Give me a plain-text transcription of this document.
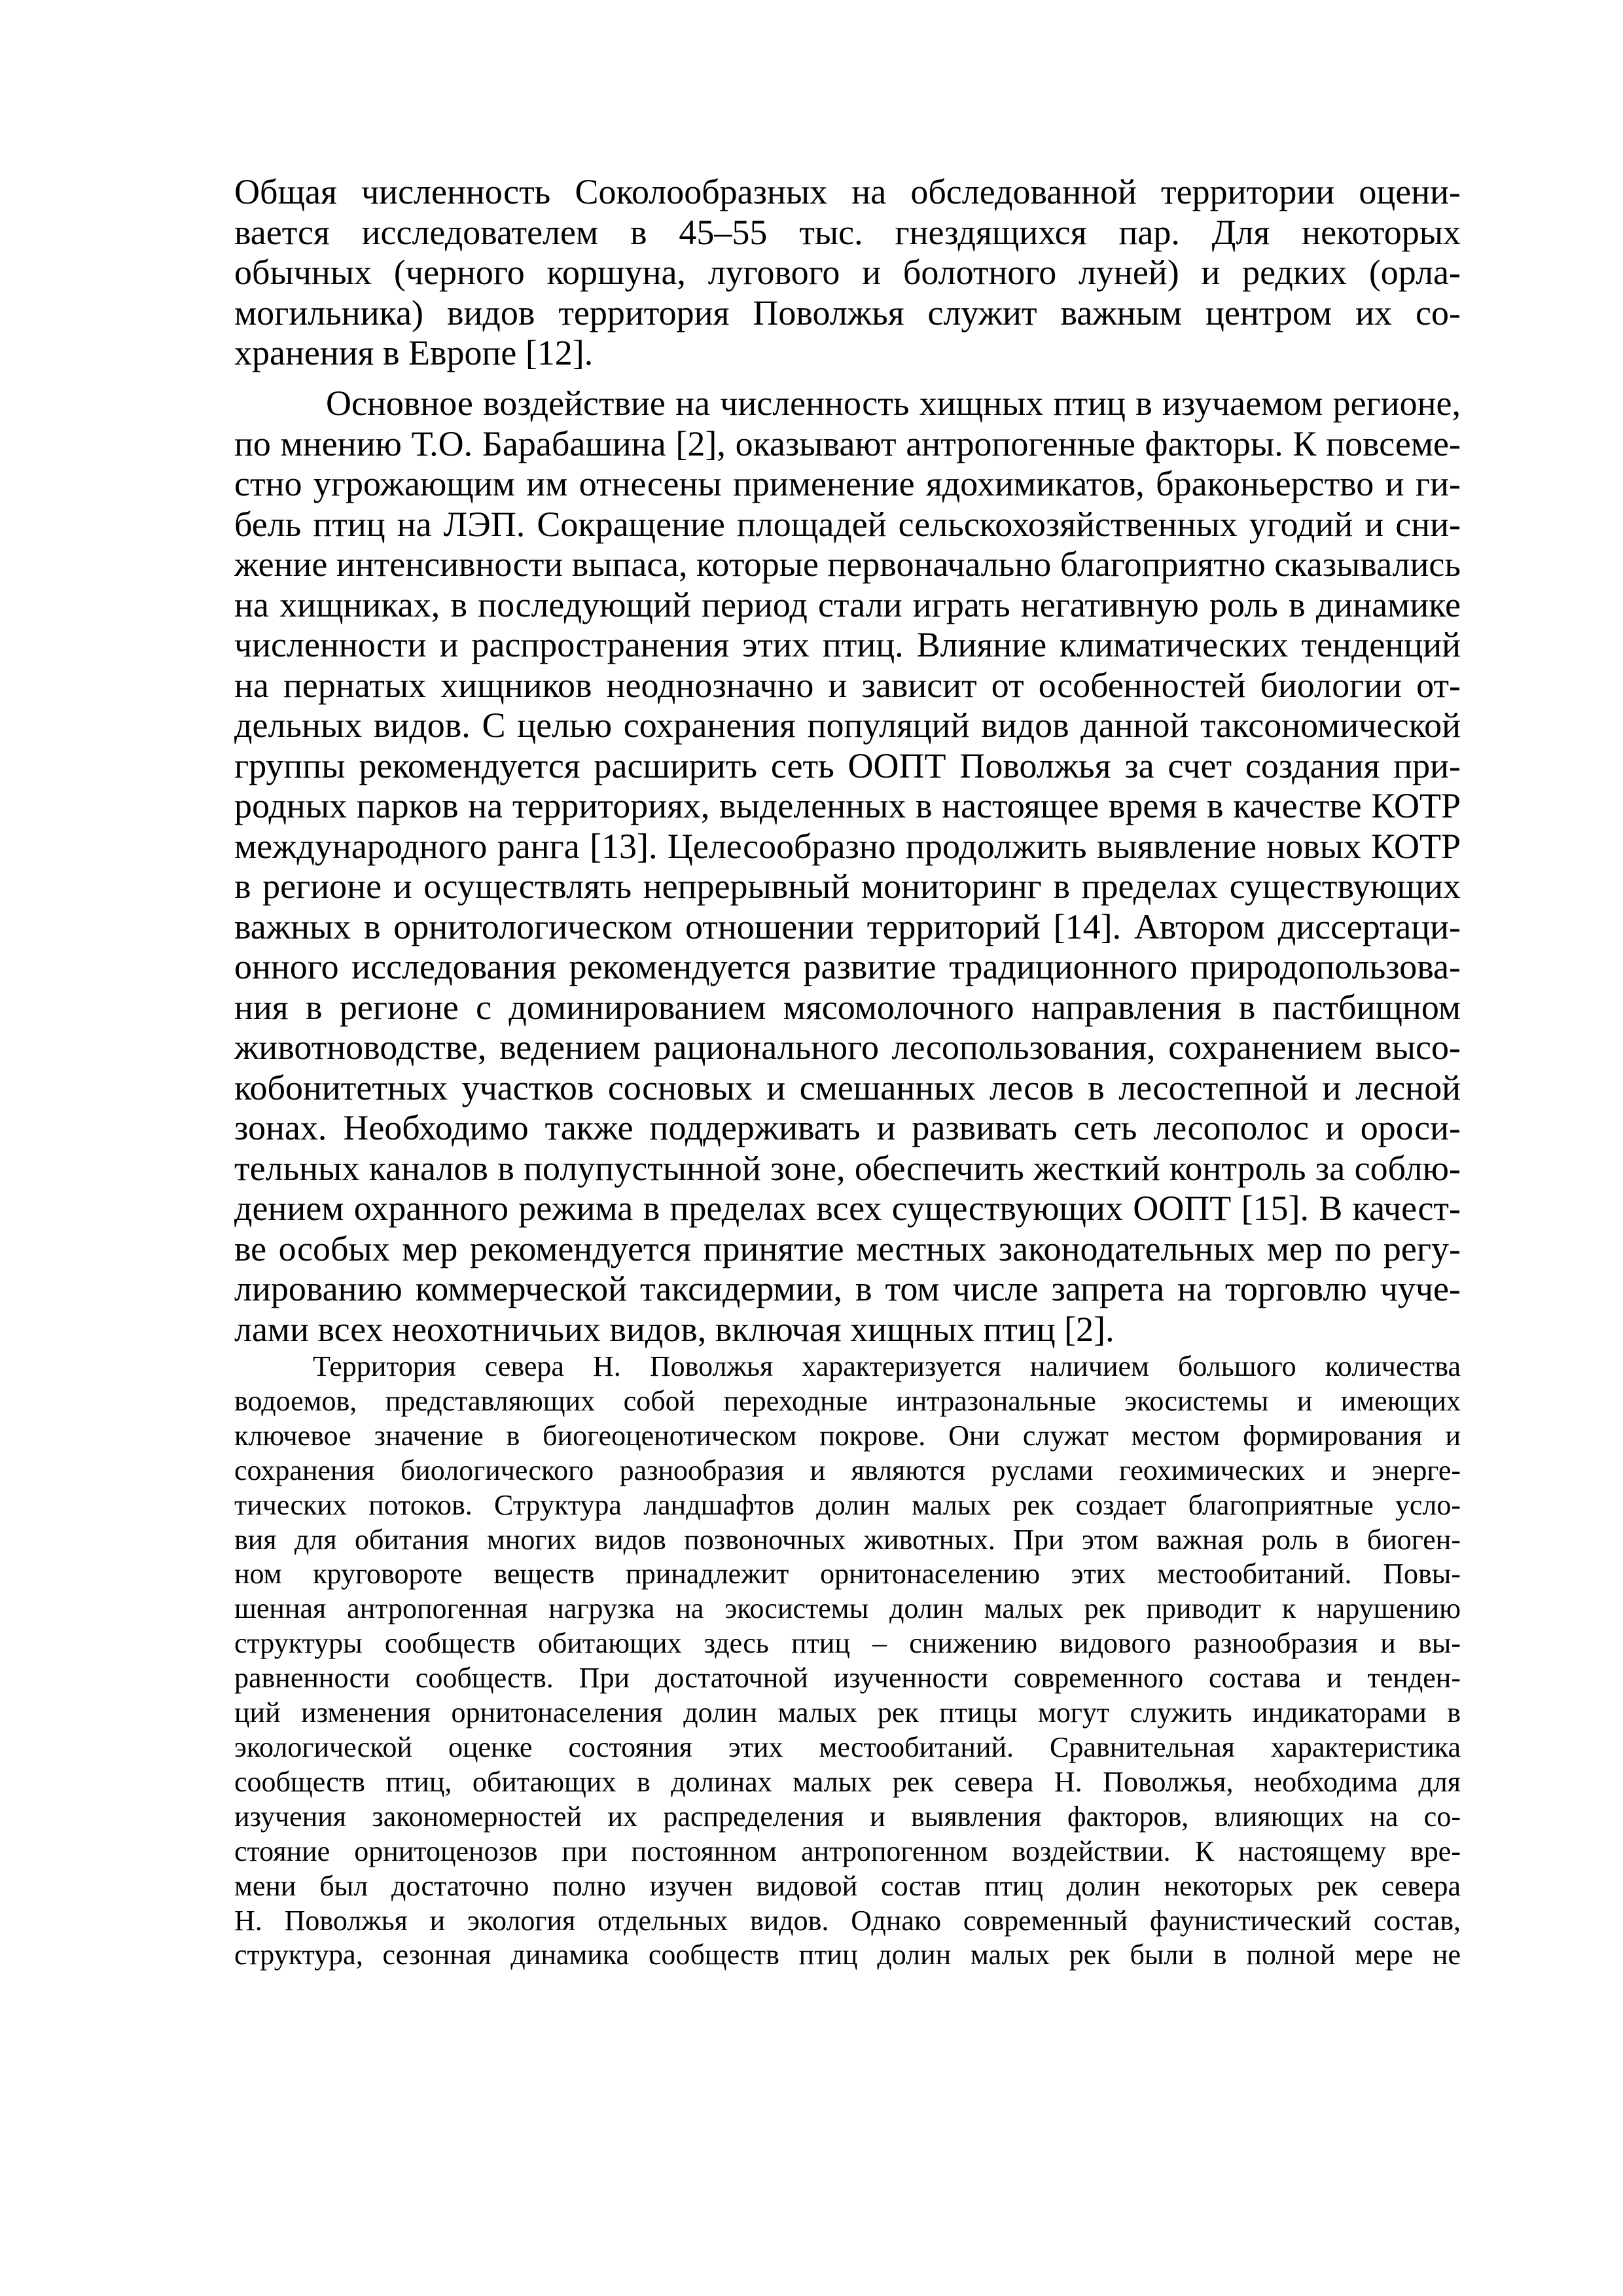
Общая численность Соколообразных на обследованной территории оцени-
вается исследователем в 45–55 тыс. гнездящихся пар. Для некоторых
обычных (черного коршуна, лугового и болотного луней) и редких (орла-
могильника) видов территория Поволжья служит важным центром их со-
хранения в Европе [12].
Основное воздействие на численность хищных птиц в изучаемом регионе,
по мнению Т.О. Барабашина [2], оказывают антропогенные факторы. К повсеме-
стно угрожающим им отнесены применение ядохимикатов, браконьерство и ги-
бель птиц на ЛЭП. Сокращение площадей сельскохозяйственных угодий и сни-
жение интенсивности выпаса, которые первоначально благоприятно сказывались
на хищниках, в последующий период стали играть негативную роль в динамике
численности и распространения этих птиц. Влияние климатических тенденций
на пернатых хищников неоднозначно и зависит от особенностей биологии от-
дельных видов. С целью сохранения популяций видов данной таксономической
группы рекомендуется расширить сеть ООПТ Поволжья за счет создания при-
родных парков на территориях, выделенных в настоящее время в качестве КОТР
международного ранга [13]. Целесообразно продолжить выявление новых КОТР
в регионе и осуществлять непрерывный мониторинг в пределах существующих
важных в орнитологическом отношении территорий [14]. Автором диссертаци-
онного исследования рекомендуется развитие традиционного природопользова-
ния в регионе с доминированием мясомолочного направления в пастбищном
животноводстве, ведением рационального лесопользования, сохранением высо-
кобонитетных участков сосновых и смешанных лесов в лесостепной и лесной
зонах. Необходимо также поддерживать и развивать сеть лесополос и ороси-
тельных каналов в полупустынной зоне, обеспечить жесткий контроль за соблю-
дением охранного режима в пределах всех существующих ООПТ [15]. В качест-
ве особых мер рекомендуется принятие местных законодательных мер по регу-
лированию коммерческой таксидермии, в том числе запрета на торговлю чуче-
лами всех неохотничьих видов, включая хищных птиц [2].
Территория севера Н. Поволжья характеризуется наличием большого количества
водоемов, представляющих собой переходные интразональные экосистемы и имеющих
ключевое значение в биогеоценотическом покрове. Они служат местом формирования и
сохранения биологического разнообразия и являются руслами геохимических и энерге-
тических потоков. Структура ландшафтов долин малых рек создает благоприятные усло-
вия для обитания многих видов позвоночных животных. При этом важная роль в биоген-
ном круговороте веществ принадлежит орнитонаселению этих местообитаний. Повы-
шенная антропогенная нагрузка на экосистемы долин малых рек приводит к нарушению
структуры сообществ обитающих здесь птиц – снижению видового разнообразия и вы-
равненности сообществ. При достаточной изученности современного состава и тенден-
ций изменения орнитонаселения долин малых рек птицы могут служить индикаторами в
экологической оценке состояния этих местообитаний. Сравнительная характеристика
сообществ птиц, обитающих в долинах малых рек севера Н. Поволжья, необходима для
изучения закономерностей их распределения и выявления факторов, влияющих на со-
стояние орнитоценозов при постоянном антропогенном воздействии. К настоящему вре-
мени был достаточно полно изучен видовой состав птиц долин некоторых рек севера
Н. Поволжья и экология отдельных видов. Однако современный фаунистический состав,
структура, сезонная динамика сообществ птиц долин малых рек были в полной мере не
